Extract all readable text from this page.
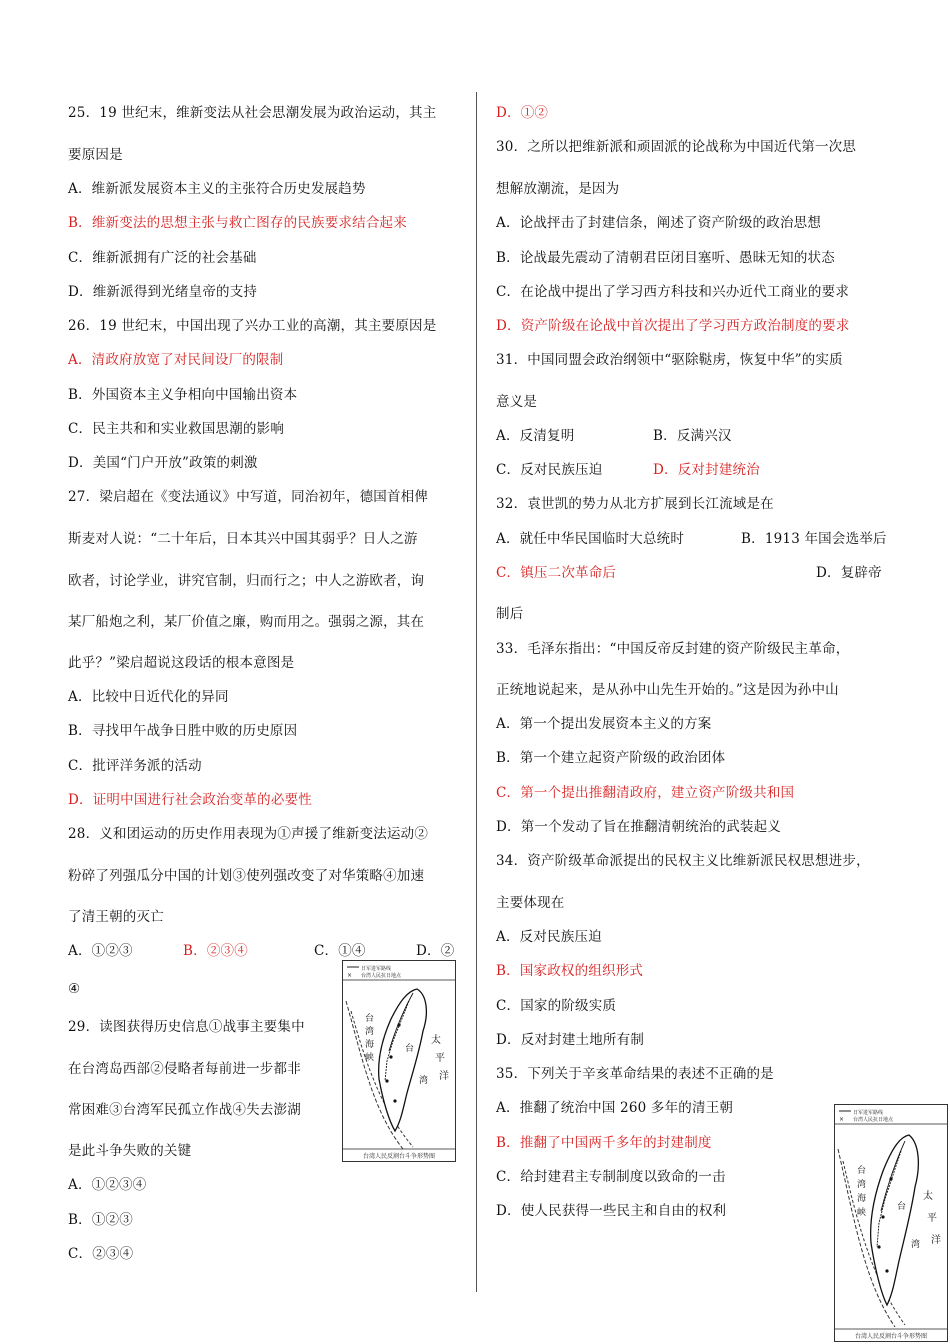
25．19 世纪末，维新变法从社会思潮发展为政治运动，其主
要原因是
A．维新派发展资本主义的主张符合历史发展趋势
B．维新变法的思想主张与救亡图存的民族要求结合起来
C．维新派拥有广泛的社会基础
D．维新派得到光绪皇帝的支持
26．19 世纪末，中国出现了兴办工业的高潮，其主要原因是
A．清政府放宽了对民间设厂的限制
B．外国资本主义争相向中国输出资本
C．民主共和和实业救国思潮的影响
D．美国“门户开放”政策的刺激
27．梁启超在《变法通议》中写道，同治初年，德国首相俾
斯麦对人说：“二十年后，日本其兴中国其弱乎？日人之游
欧者，讨论学业，讲究官制，归而行之；中人之游欧者，询
某厂船炮之利，某厂价值之廉，购而用之。强弱之源，其在
此乎？”梁启超说这段话的根本意图是
A．比较中日近代化的异同
B．寻找甲午战争日胜中败的历史原因
C．批评洋务派的活动
D．证明中国进行社会政治变革的必要性
28．义和团运动的历史作用表现为①声援了维新变法运动②
粉碎了列强瓜分中国的计划③使列强改变了对华策略④加速
了清王朝的灭亡
A．①②③	B．②③④	C．①④	D．②
④
29．读图获得历史信息①战事主要集中
在台湾岛西部②侵略者每前进一步都非
常困难③台湾军民孤立作战④失去澎湖
是此斗争失败的关键
A．①②③④
B．①②③
C．②③④
日军进军路线
× 台湾人民抗日地点
台
湾
海
峡
太
平
洋
台
湾
台湾人民反割台斗争形势图
D．①②
30．之所以把维新派和顽固派的论战称为中国近代第一次思
想解放潮流，是因为
A．论战抨击了封建信条，阐述了资产阶级的政治思想
B．论战最先震动了清朝君臣闭目塞听、愚昧无知的状态
C．在论战中提出了学习西方科技和兴办近代工商业的要求
D．资产阶级在论战中首次提出了学习西方政治制度的要求
31．中国同盟会政治纲领中“驱除鞑虏，恢复中华”的实质
意义是
A．反清复明	B．反满兴汉
C．反对民族压迫	D．反对封建统治
32．袁世凯的势力从北方扩展到长江流域是在
A．就任中华民国临时大总统时	B．1913 年国会选举后
C．镇压二次革命后	D．复辟帝
制后
33．毛泽东指出：“中国反帝反封建的资产阶级民主革命，
正统地说起来，是从孙中山先生开始的。”这是因为孙中山
A．第一个提出发展资本主义的方案
B．第一个建立起资产阶级的政治团体
C．第一个提出推翻清政府，建立资产阶级共和国
D．第一个发动了旨在推翻清朝统治的武装起义
34．资产阶级革命派提出的民权主义比维新派民权思想进步，
主要体现在
A．反对民族压迫
B．国家政权的组织形式
C．国家的阶级实质
D．反对封建土地所有制
35．下列关于辛亥革命结果的表述不正确的是
A．推翻了统治中国 260 多年的清王朝
B．推翻了中国两千多年的封建制度
C．给封建君主专制制度以致命的一击
D．使人民获得一些民主和自由的权利
日军进军路线
× 台湾人民抗日地点
台
湾
海
峡
太
平
洋
台
湾
台湾人民反割台斗争形势图
